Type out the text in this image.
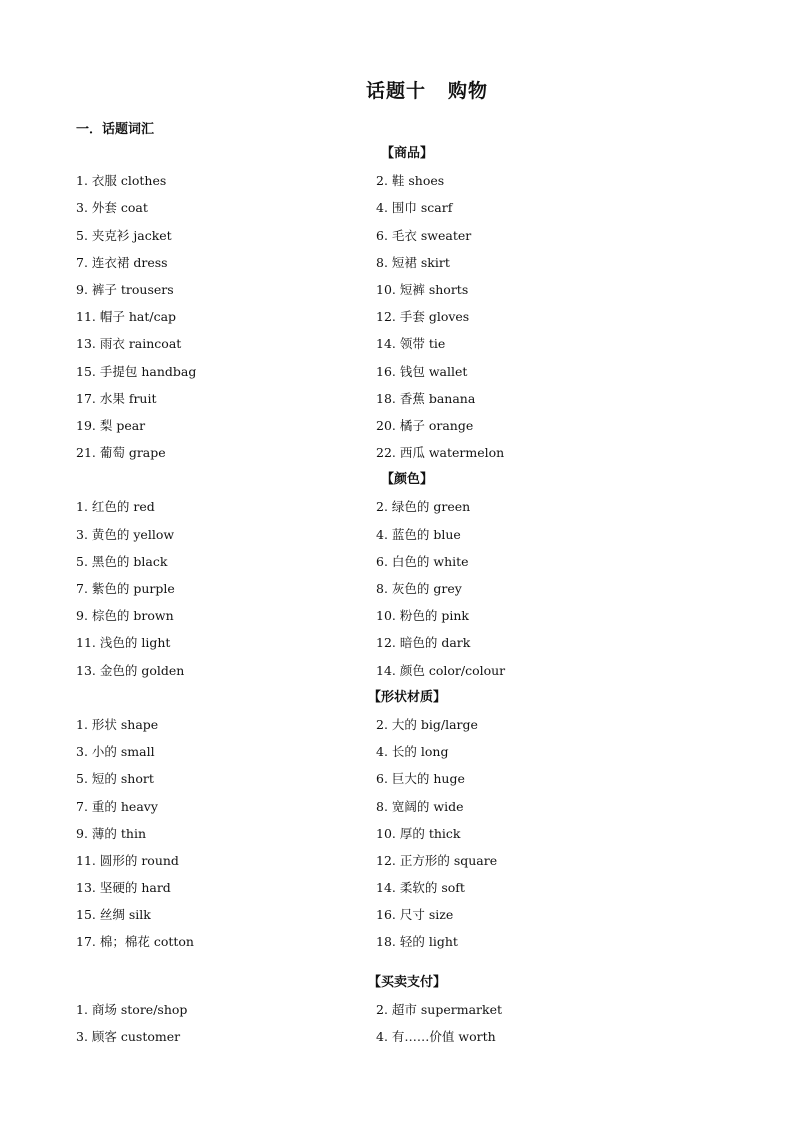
话题十 购物
一．话题词汇
【商品】
1. 衣服 clothes	2. 鞋 shoes
3. 外套 coat	4. 围巾 scarf
5. 夹克衫 jacket	6. 毛衣 sweater
7. 连衣裙 dress	8. 短裙 skirt
9. 裤子 trousers	10. 短裤 shorts
11. 帽子 hat/cap	12. 手套 gloves
13. 雨衣 raincoat	14. 领带 tie
15. 手提包 handbag	16. 钱包 wallet
17. 水果 fruit	18. 香蕉 banana
19. 梨 pear	20. 橘子 orange
21. 葡萄 grape	22. 西瓜 watermelon
【颜色】
1. 红色的 red	2. 绿色的 green
3. 黄色的 yellow	4. 蓝色的 blue
5. 黑色的 black	6. 白色的 white
7. 紫色的 purple	8. 灰色的 grey
9. 棕色的 brown	10. 粉色的 pink
11. 浅色的 light	12. 暗色的 dark
13. 金色的 golden	14. 颜色 color/colour
【形状材质】
1. 形状 shape	2. 大的 big/large
3. 小的 small	4. 长的 long
5. 短的 short	6. 巨大的 huge
7. 重的 heavy	8. 宽阔的 wide
9. 薄的 thin	10. 厚的 thick
11. 圆形的 round	12. 正方形的 square
13. 坚硬的 hard	14. 柔软的 soft
15. 丝绸 silk	16. 尺寸 size
17. 棉；棉花 cotton	18. 轻的 light
【买卖支付】
1. 商场 store/shop	2. 超市 supermarket
3. 顾客 customer	4. 有……价值 worth
